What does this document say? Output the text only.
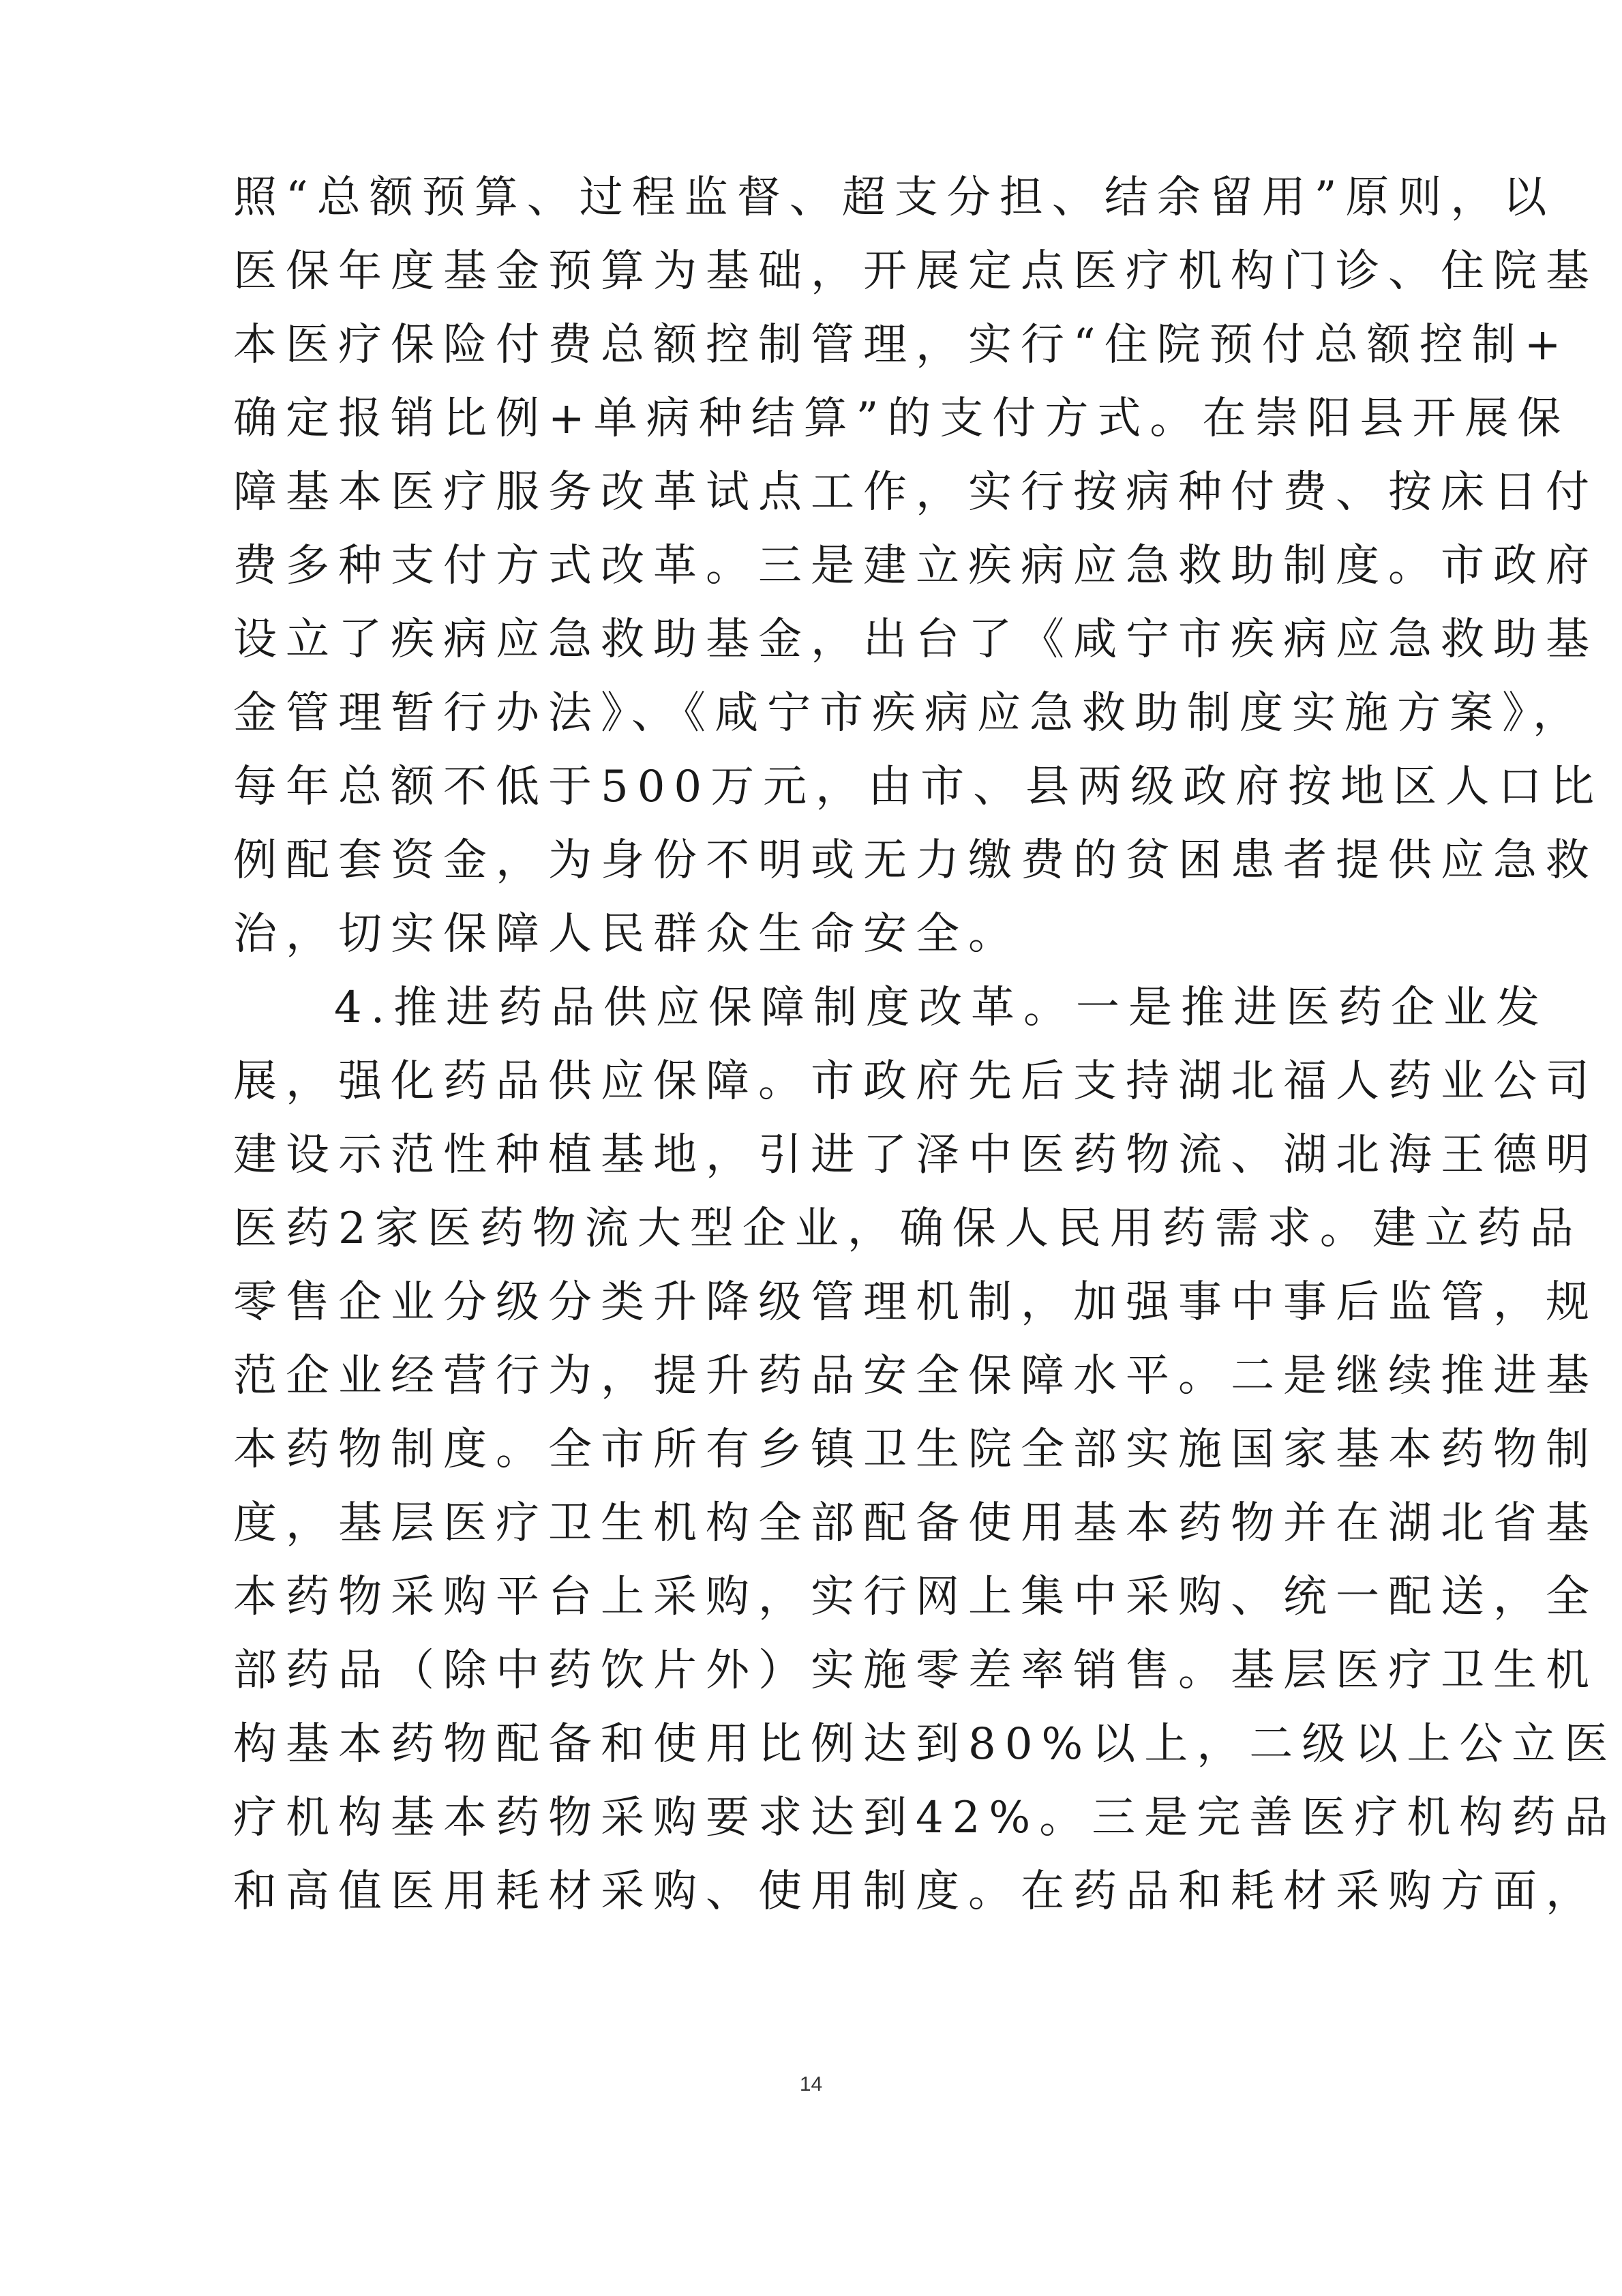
照“总额预算、过程监督、超支分担、结余留用”原则，以
医保年度基金预算为基础，开展定点医疗机构门诊、住院基
本医疗保险付费总额控制管理，实行“住院预付总额控制+
确定报销比例+单病种结算”的支付方式。在崇阳县开展保
障基本医疗服务改革试点工作，实行按病种付费、按床日付
费多种支付方式改革。三是建立疾病应急救助制度。市政府
设立了疾病应急救助基金，出台了《咸宁市疾病应急救助基
金管理暂行办法》、《咸宁市疾病应急救助制度实施方案》，
每年总额不低于500万元，由市、县两级政府按地区人口比
例配套资金，为身份不明或无力缴费的贫困患者提供应急救
治，切实保障人民群众生命安全。
4.推进药品供应保障制度改革。一是推进医药企业发
展，强化药品供应保障。市政府先后支持湖北福人药业公司
建设示范性种植基地，引进了泽中医药物流、湖北海王德明
医药2家医药物流大型企业，确保人民用药需求。建立药品
零售企业分级分类升降级管理机制，加强事中事后监管，规
范企业经营行为，提升药品安全保障水平。二是继续推进基
本药物制度。全市所有乡镇卫生院全部实施国家基本药物制
度，基层医疗卫生机构全部配备使用基本药物并在湖北省基
本药物采购平台上采购，实行网上集中采购、统一配送，全
部药品（除中药饮片外）实施零差率销售。基层医疗卫生机
构基本药物配备和使用比例达到80%以上，二级以上公立医
疗机构基本药物采购要求达到42%。三是完善医疗机构药品
和高值医用耗材采购、使用制度。在药品和耗材采购方面，
14
